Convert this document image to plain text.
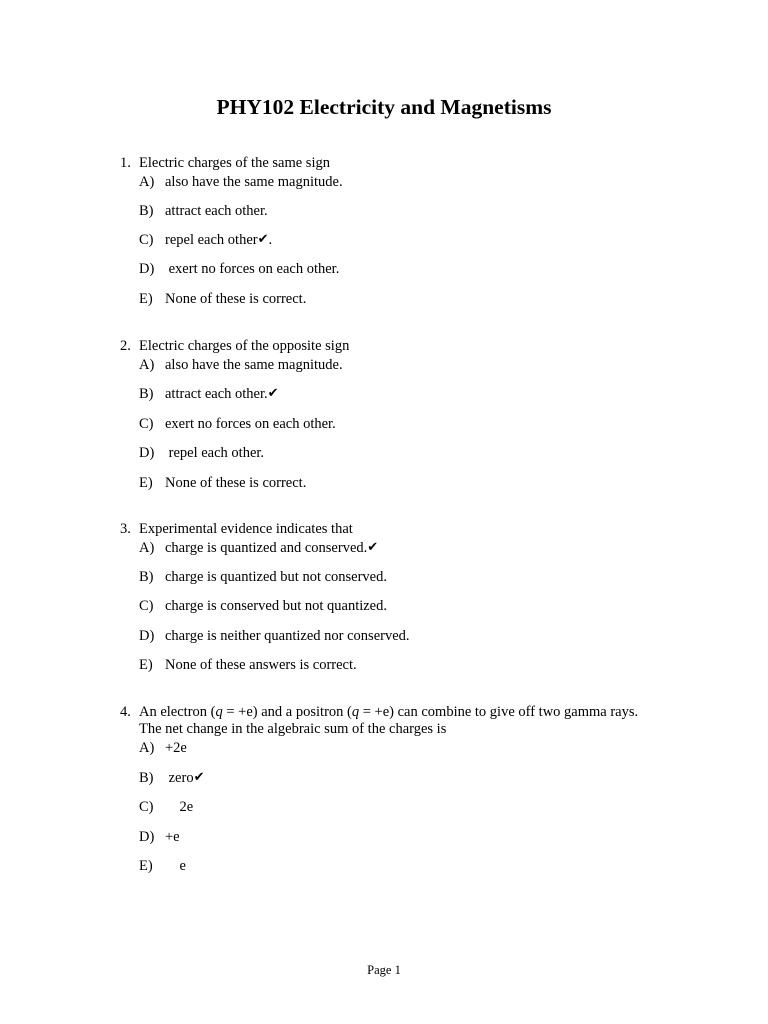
PHY102 Electricity and Magnetisms
1. Electric charges of the same sign
A) also have the same magnitude.
B) attract each other.
C) repel each other ✔ .
D) exert no forces on each other.
E) None of these is correct.
2. Electric charges of the opposite sign
A) also have the same magnitude.
B) attract each other. ✔
C) exert no forces on each other.
D) repel each other.
E) None of these is correct.
3. Experimental evidence indicates that
A) charge is quantized and conserved. ✔
B) charge is quantized but not conserved.
C) charge is conserved but not quantized.
D) charge is neither quantized nor conserved.
E) None of these answers is correct.
4. An electron (q = +e) and a positron (q = +e) can combine to give off two gamma rays.
The net change in the algebraic sum of the charges is
A) +2e
B) zero ✔
C) 2e
D) +e
E) e
Page 1
